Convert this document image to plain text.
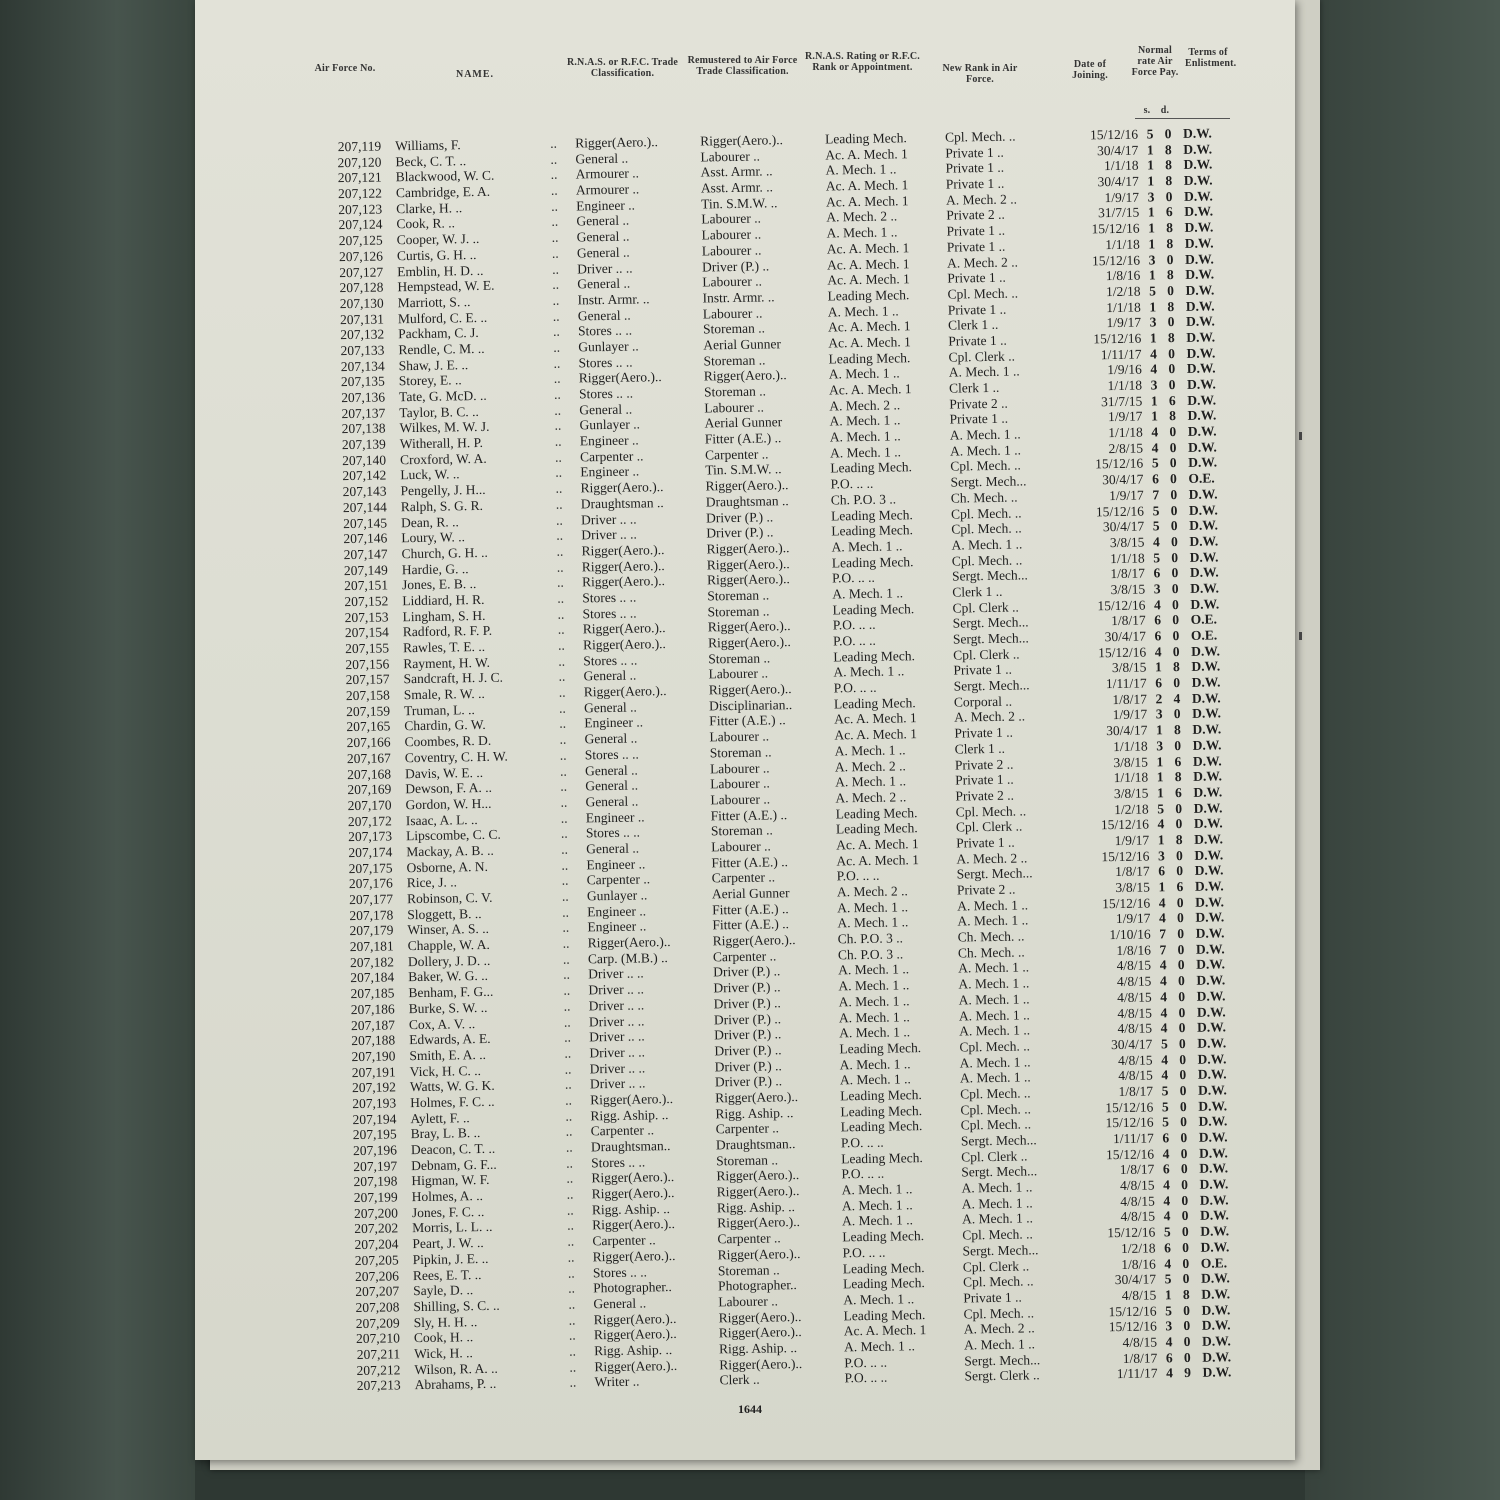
Air Force No.
NAME.
R.N.A.S. or R.F.C. Trade Classification.
Remustered to Air Force Trade Classification.
R.N.A.S. Rating or R.F.C. Rank or Appointment.	New Rank in Air Force.
Date of Joining.
Normal rate Air Force Pay.
Terms of Enlistment.
s.	d.
207,119 Williams, F.	..	Rigger(Aero.)..	Rigger(Aero.)..	Leading Mech.	Cpl. Mech. ..	15/12/16 5 0 D.W.
207,120 Beck, C. T. ..	..	General ..	Labourer ..	Ac. A. Mech. 1	Private 1 ..	30/4/17 1 8 D.W.
207,121 Blackwood, W. C.	..	Armourer ..	Asst. Armr. ..	A. Mech. 1 ..	Private 1 ..	1/1/18 1 8 D.W.
207,122 Cambridge, E. A.	..	Armourer ..	Asst. Armr. ..	Ac. A. Mech. 1	Private 1 ..	30/4/17 1 8 D.W.
207,123 Clarke, H. ..	..	Engineer ..	Tin. S.M.W. ..	Ac. A. Mech. 1	A. Mech. 2 ..	1/9/17 3 0 D.W.
207,124 Cook, R. ..	..	General ..	Labourer ..	A. Mech. 2 ..	Private 2 ..	31/7/15 1 6 D.W.
207,125 Cooper, W. J. ..	..	General ..	Labourer ..	A. Mech. 1 ..	Private 1 ..	15/12/16 1 8 D.W.
207,126 Curtis, G. H. ..	..	General ..	Labourer ..	Ac. A. Mech. 1	Private 1 ..	1/1/18 1 8 D.W.
207,127 Emblin, H. D. ..	..	Driver .. ..	Driver (P.) ..	Ac. A. Mech. 1	A. Mech. 2 ..	15/12/16 3 0 D.W.
207,128 Hempstead, W. E.	..	General ..	Labourer ..	Ac. A. Mech. 1	Private 1 ..	1/8/16 1 8 D.W.
207,130 Marriott, S. ..	..	Instr. Armr. ..	Instr. Armr. ..	Leading Mech.	Cpl. Mech. ..	1/2/18 5 0 D.W.
207,131 Mulford, C. E. ..	..	General ..	Labourer ..	A. Mech. 1 ..	Private 1 ..	1/1/18 1 8 D.W.
207,132 Packham, C. J.	..	Stores .. ..	Storeman ..	Ac. A. Mech. 1	Clerk 1 ..	1/9/17 3 0 D.W.
207,133 Rendle, C. M. ..	..	Gunlayer ..	Aerial Gunner	Ac. A. Mech. 1	Private 1 ..	15/12/16 1 8 D.W.
207,134 Shaw, J. E. ..	..	Stores .. ..	Storeman ..	Leading Mech.	Cpl. Clerk ..	1/11/17 4 0 D.W.
207,135 Storey, E. ..	..	Rigger(Aero.)..	Rigger(Aero.)..	A. Mech. 1 ..	A. Mech. 1 ..	1/9/16 4 0 D.W.
207,136 Tate, G. McD. ..	..	Stores .. ..	Storeman ..	Ac. A. Mech. 1	Clerk 1 ..	1/1/18 3 0 D.W.
207,137 Taylor, B. C. ..	..	General ..	Labourer ..	A. Mech. 2 ..	Private 2 ..	31/7/15 1 6 D.W.
207,138 Wilkes, M. W. J.	..	Gunlayer ..	Aerial Gunner	A. Mech. 1 ..	Private 1 ..	1/9/17 1 8 D.W.
207,139 Witherall, H. P.	..	Engineer ..	Fitter (A.E.) ..	A. Mech. 1 ..	A. Mech. 1 ..	1/1/18 4 0 D.W.
207,140 Croxford, W. A.	..	Carpenter ..	Carpenter ..	A. Mech. 1 ..	A. Mech. 1 ..	2/8/15 4 0 D.W.
207,142 Luck, W. ..	..	Engineer ..	Tin. S.M.W. ..	Leading Mech.	Cpl. Mech. ..	15/12/16 5 0 D.W.
207,143 Pengelly, J. H...	..	Rigger(Aero.)..	Rigger(Aero.)..	P.O. .. ..	Sergt. Mech...	30/4/17 6 0 O.E.
207,144 Ralph, S. G. R.	..	Draughtsman ..	Draughtsman ..	Ch. P.O. 3 ..	Ch. Mech. ..	1/9/17 7 0 D.W.
207,145 Dean, R. ..	..	Driver .. ..	Driver (P.) ..	Leading Mech.	Cpl. Mech. ..	15/12/16 5 0 D.W.
207,146 Loury, W. ..	..	Driver .. ..	Driver (P.) ..	Leading Mech.	Cpl. Mech. ..	30/4/17 5 0 D.W.
207,147 Church, G. H. ..	..	Rigger(Aero.)..	Rigger(Aero.)..	A. Mech. 1 ..	A. Mech. 1 ..	3/8/15 4 0 D.W.
207,149 Hardie, G. ..	..	Rigger(Aero.)..	Rigger(Aero.)..	Leading Mech.	Cpl. Mech. ..	1/1/18 5 0 D.W.
207,151 Jones, E. B. ..	..	Rigger(Aero.)..	Rigger(Aero.)..	P.O. .. ..	Sergt. Mech...	1/8/17 6 0 D.W.
207,152 Liddiard, H. R.	..	Stores .. ..	Storeman ..	A. Mech. 1 ..	Clerk 1 ..	3/8/15 3 0 D.W.
207,153 Lingham, S. H.	..	Stores .. ..	Storeman ..	Leading Mech.	Cpl. Clerk ..	15/12/16 4 0 D.W.
207,154 Radford, R. F. P.	..	Rigger(Aero.)..	Rigger(Aero.)..	P.O. .. ..	Sergt. Mech...	1/8/17 6 0 O.E.
207,155 Rawles, T. E. ..	..	Rigger(Aero.)..	Rigger(Aero.)..	P.O. .. ..	Sergt. Mech...	30/4/17 6 0 O.E.
207,156 Rayment, H. W.	..	Stores .. ..	Storeman ..	Leading Mech.	Cpl. Clerk ..	15/12/16 4 0 D.W.
207,157 Sandcraft, H. J. C.	..	General ..	Labourer ..	A. Mech. 1 ..	Private 1 ..	3/8/15 1 8 D.W.
207,158 Smale, R. W. ..	..	Rigger(Aero.)..	Rigger(Aero.)..	P.O. .. ..	Sergt. Mech...	1/11/17 6 0 D.W.
207,159 Truman, L. ..	..	General ..	Disciplinarian..	Leading Mech.	Corporal ..	1/8/17 2 4 D.W.
207,165 Chardin, G. W.	..	Engineer ..	Fitter (A.E.) ..	Ac. A. Mech. 1	A. Mech. 2 ..	1/9/17 3 0 D.W.
207,166 Coombes, R. D.	..	General ..	Labourer ..	Ac. A. Mech. 1	Private 1 ..	30/4/17 1 8 D.W.
207,167 Coventry, C. H. W.	..	Stores .. ..	Storeman ..	A. Mech. 1 ..	Clerk 1 ..	1/1/18 3 0 D.W.
207,168 Davis, W. E. ..	..	General ..	Labourer ..	A. Mech. 2 ..	Private 2 ..	3/8/15 1 6 D.W.
207,169 Dewson, F. A. ..	..	General ..	Labourer ..	A. Mech. 1 ..	Private 1 ..	1/1/18 1 8 D.W.
207,170 Gordon, W. H...	..	General ..	Labourer ..	A. Mech. 2 ..	Private 2 ..	3/8/15 1 6 D.W.
207,172 Isaac, A. L. ..	..	Engineer ..	Fitter (A.E.) ..	Leading Mech.	Cpl. Mech. ..	1/2/18 5 0 D.W.
207,173 Lipscombe, C. C.	..	Stores .. ..	Storeman ..	Leading Mech.	Cpl. Clerk ..	15/12/16 4 0 D.W.
207,174 Mackay, A. B. ..	..	General ..	Labourer ..	Ac. A. Mech. 1	Private 1 ..	1/9/17 1 8 D.W.
207,175 Osborne, A. N.	..	Engineer ..	Fitter (A.E.) ..	Ac. A. Mech. 1	A. Mech. 2 ..	15/12/16 3 0 D.W.
207,176 Rice, J. ..	..	Carpenter ..	Carpenter ..	P.O. .. ..	Sergt. Mech...	1/8/17 6 0 D.W.
207,177 Robinson, C. V.	..	Gunlayer ..	Aerial Gunner	A. Mech. 2 ..	Private 2 ..	3/8/15 1 6 D.W.
207,178 Sloggett, B. ..	..	Engineer ..	Fitter (A.E.) ..	A. Mech. 1 ..	A. Mech. 1 ..	15/12/16 4 0 D.W.
207,179 Winser, A. S. ..	..	Engineer ..	Fitter (A.E.) ..	A. Mech. 1 ..	A. Mech. 1 ..	1/9/17 4 0 D.W.
207,181 Chapple, W. A.	..	Rigger(Aero.)..	Rigger(Aero.)..	Ch. P.O. 3 ..	Ch. Mech. ..	1/10/16 7 0 D.W.
207,182 Dollery, J. D. ..	..	Carp. (M.B.) ..	Carpenter ..	Ch. P.O. 3 ..	Ch. Mech. ..	1/8/16 7 0 D.W.
207,184 Baker, W. G. ..	..	Driver .. ..	Driver (P.) ..	A. Mech. 1 ..	A. Mech. 1 ..	4/8/15 4 0 D.W.
207,185 Benham, F. G...	..	Driver .. ..	Driver (P.) ..	A. Mech. 1 ..	A. Mech. 1 ..	4/8/15 4 0 D.W.
207,186 Burke, S. W. ..	..	Driver .. ..	Driver (P.) ..	A. Mech. 1 ..	A. Mech. 1 ..	4/8/15 4 0 D.W.
207,187 Cox, A. V. ..	..	Driver .. ..	Driver (P.) ..	A. Mech. 1 ..	A. Mech. 1 ..	4/8/15 4 0 D.W.
207,188 Edwards, A. E.	..	Driver .. ..	Driver (P.) ..	A. Mech. 1 ..	A. Mech. 1 ..	4/8/15 4 0 D.W.
207,190 Smith, E. A. ..	..	Driver .. ..	Driver (P.) ..	Leading Mech.	Cpl. Mech. ..	30/4/17 5 0 D.W.
207,191 Vick, H. C. ..	..	Driver .. ..	Driver (P.) ..	A. Mech. 1 ..	A. Mech. 1 ..	4/8/15 4 0 D.W.
207,192 Watts, W. G. K.	..	Driver .. ..	Driver (P.) ..	A. Mech. 1 ..	A. Mech. 1 ..	4/8/15 4 0 D.W.
207,193 Holmes, F. C. ..	..	Rigger(Aero.)..	Rigger(Aero.)..	Leading Mech.	Cpl. Mech. ..	1/8/17 5 0 D.W.
207,194 Aylett, F. ..	..	Rigg. Aship. ..	Rigg. Aship. ..	Leading Mech.	Cpl. Mech. ..	15/12/16 5 0 D.W.
207,195 Bray, L. B. ..	..	Carpenter ..	Carpenter ..	Leading Mech.	Cpl. Mech. ..	15/12/16 5 0 D.W.
207,196 Deacon, C. T. ..	..	Draughtsman..	Draughtsman..	P.O. .. ..	Sergt. Mech...	1/11/17 6 0 D.W.
207,197 Debnam, G. F...	..	Stores .. ..	Storeman ..	Leading Mech.	Cpl. Clerk ..	15/12/16 4 0 D.W.
207,198 Higman, W. F.	..	Rigger(Aero.)..	Rigger(Aero.)..	P.O. .. ..	Sergt. Mech...	1/8/17 6 0 D.W.
207,199 Holmes, A. ..	..	Rigger(Aero.)..	Rigger(Aero.)..	A. Mech. 1 ..	A. Mech. 1 ..	4/8/15 4 0 D.W.
207,200 Jones, F. C. ..	..	Rigg. Aship. ..	Rigg. Aship. ..	A. Mech. 1 ..	A. Mech. 1 ..	4/8/15 4 0 D.W.
207,202 Morris, L. L. ..	..	Rigger(Aero.)..	Rigger(Aero.)..	A. Mech. 1 ..	A. Mech. 1 ..	4/8/15 4 0 D.W.
207,204 Peart, J. W. ..	..	Carpenter ..	Carpenter ..	Leading Mech.	Cpl. Mech. ..	15/12/16 5 0 D.W.
207,205 Pipkin, J. E. ..	..	Rigger(Aero.)..	Rigger(Aero.)..	P.O. .. ..	Sergt. Mech...	1/2/18 6 0 D.W.
207,206 Rees, E. T. ..	..	Stores .. ..	Storeman ..	Leading Mech.	Cpl. Clerk ..	1/8/16 4 0 O.E.
207,207 Sayle, D. ..	..	Photographer..	Photographer..	Leading Mech.	Cpl. Mech. ..	30/4/17 5 0 D.W.
207,208 Shilling, S. C. ..	..	General ..	Labourer ..	A. Mech. 1 ..	Private 1 ..	4/8/15 1 8 D.W.
207,209 Sly, H. H. ..	..	Rigger(Aero.)..	Rigger(Aero.)..	Leading Mech.	Cpl. Mech. ..	15/12/16 5 0 D.W.
207,210 Cook, H. ..	..	Rigger(Aero.)..	Rigger(Aero.)..	Ac. A. Mech. 1	A. Mech. 2 ..	15/12/16 3 0 D.W.
207,211 Wick, H. ..	..	Rigg. Aship. ..	Rigg. Aship. ..	A. Mech. 1 ..	A. Mech. 1 ..	4/8/15 4 0 D.W.
207,212 Wilson, R. A. ..	..	Rigger(Aero.)..	Rigger(Aero.)..	P.O. .. ..	Sergt. Mech...	1/8/17 6 0 D.W.
207,213 Abrahams, P. ..	..	Writer ..	Clerk ..	P.O. .. ..	Sergt. Clerk ..	1/11/17 4 9 D.W.
1644
